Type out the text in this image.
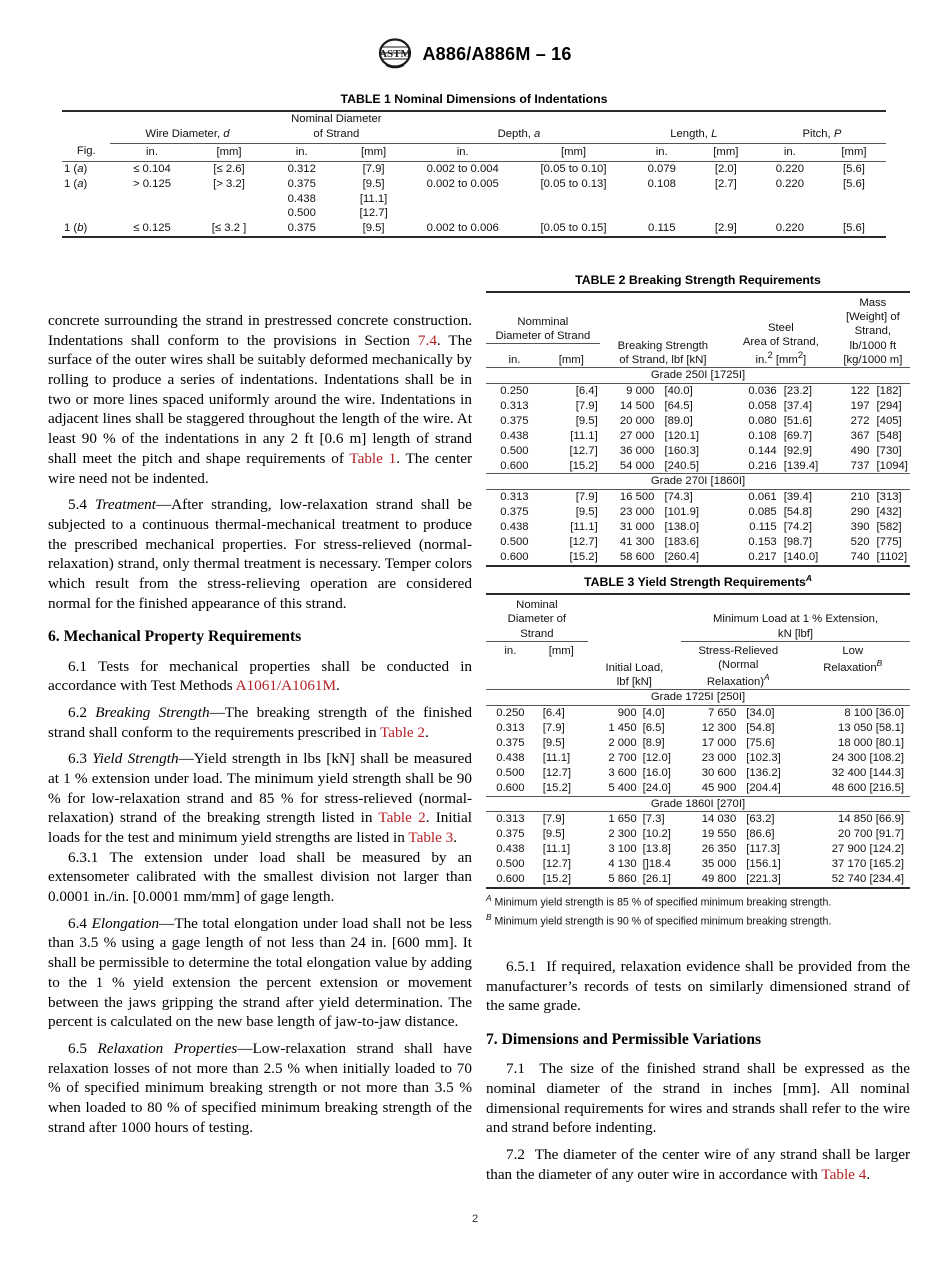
ASTM A886/A886M – 16
TABLE 1 Nominal Dimensions of Indentations
Fig.	Wire Diameter, d		Nominal Diameter
of Strand		Depth, a		Length, L		Pitch, P	
	in.	[mm]	in.	[mm]	in.	[mm]	in.	[mm]	in.	[mm]
1 (a)	≤ 0.104	[≤ 2.6]	0.312	[7.9]	0.002 to 0.004	[0.05 to 0.10]	0.079	[2.0]	0.220	[5.6]
1 (a)	> 0.125	[> 3.2]	0.375	[9.5]	0.002 to 0.005	[0.05 to 0.13]	0.108	[2.7]	0.220	[5.6]
			0.438	[11.1]						
			0.500	[12.7]						
1 (b)	≤ 0.125	[≤ 3.2 ]	0.375	[9.5]	0.002 to 0.006	[0.05 to 0.15]	0.115	[2.9]	0.220	[5.6]

concrete surrounding the strand in prestressed concrete construction. Indentations shall conform to the provisions in Section 7.4. The surface of the outer wires shall be suitably deformed mechanically by rolling to produce a series of indentations. Indentations shall be in two or more lines spaced uniformly around the wire. Indentations in adjacent lines shall be staggered throughout the length of the wire. At least 90 % of the indentations in any 2 ft [0.6 m] length of strand shall meet the pitch and shape requirements of Table 1. The center wire need not be indented.

5.4 Treatment—After stranding, low-relaxation strand shall be subjected to a continuous thermal-mechanical treatment to produce the prescribed mechanical properties. For stress-relieved (normal-relaxation) strand, only thermal treatment is necessary. Temper colors which result from the stress-relieving operation are considered normal for the finished appearance of this strand.

6. Mechanical Property Requirements

6.1 Tests for mechanical properties shall be conducted in accordance with Test Methods A1061/A1061M.

6.2 Breaking Strength—The breaking strength of the finished strand shall conform to the requirements prescribed in Table 2.

6.3 Yield Strength—Yield strength in lbs [kN] shall be measured at 1 % extension under load. The minimum yield strength shall be 90 % for low-relaxation strand and 85 % for stress-relieved (normal-relaxation) strand of the breaking strength listed in Table 2. Initial loads for the test and minimum yield strengths are listed in Table 3.

6.3.1 The extension under load shall be measured by an extensometer calibrated with the smallest division not larger than 0.0001 in./in. [0.0001 mm/mm] of gage length.

6.4 Elongation—The total elongation under load shall not be less than 3.5 % using a gage length of not less than 24 in. [600 mm]. It shall be permissible to determine the total elongation value by adding to the 1 % yield extension the percent extension or movement between the jaws gripping the strand after yield determination. The percent is calculated on the new base length of jaw-to-jaw distance.

6.5 Relaxation Properties—Low-relaxation strand shall have relaxation losses of not more than 2.5 % when initially loaded to 70 % of specified minimum breaking strength or not more than 3.5 % when loaded to 80 % of specified minimum breaking strength of the strand after 1000 hours of testing.

TABLE 2 Breaking Strength Requirements
Nomminal
Diameter of Strand		Breaking Strength
of Strand, lbf [kN]		Steel
Area of Strand,
in.$^2$ $[mm^2]$		Mass [Weight] of
Strand,
lb/1000 ft
[kg/1000 m]	
in.	[mm]						
Grade 250I [1725I]							
0.250	[6.4]	9 000	[40.0]	0.036	[23.2]	122	[182]
0.313	[7.9]	14 500	[64.5]	0.058	[37.4]	197	[294]
0.375	[9.5]	20 000	[89.0]	0.080	[51.6]	272	[405]
0.438	[11.1]	27 000	[120.1]	0.108	[69.7]	367	[548]
0.500	[12.7]	36 000	[160.3]	0.144	[92.9]	490	[730]
0.600	[15.2]	54 000	[240.5]	0.216	[139.4]	737	[1094]
Grade 270I [1860I]							
0.313	[7.9]	16 500	[74.3]	0.061	[39.4]	210	[313]
0.375	[9.5]	23 000	[101.9]	0.085	[54.8]	290	[432]
0.438	[11.1]	31 000	[138.0]	0.115	[74.2]	390	[582]
0.500	[12.7]	41 300	[183.6]	0.153	[98.7]	520	[775]
0.600	[15.2]	58 600	[260.4]	0.217	[140.0]	740	[1102]
TABLE 3 Yield Strength Requirements$^A$
Nominal
Diameter of
Strand		Initial Load,
lbf [kN]		Minimum Load at 1 % Extension,
kN [lbf]		
in.	[mm]			Stress-Relieved
(Normal
Relaxation)$^A$		Low
Relaxation$^B$
Grade 1725I [250I]						
0.250	[6.4]	900	[4.0]	7 650	[34.0]	8 100 [36.0]
0.313	[7.9]	1 450	[6.5]	12 300	[54.8]	13 050 [58.1]
0.375	[9.5]	2 000	[8.9]	17 000	[75.6]	18 000 [80.1]
0.438	[11.1]	2 700	[12.0]	23 000	[102.3]	24 300 [108.2]
0.500	[12.7]	3 600	[16.0]	30 600	[136.2]	32 400 [144.3]
0.600	[15.2]	5 400	[24.0]	45 900	[204.4]	48 600 [216.5]
Grade 1860I [270I]						
0.313	[7.9]	1 650	[7.3]	14 030	[63.2]	14 850 [66.9]
0.375	[9.5]	2 300	[10.2]	19 550	[86.6]	20 700 [91.7]
0.438	[11.1]	3 100	[13.8]	26 350	[117.3]	27 900 [124.2]
0.500	[12.7]	4 130	[]18.4	35 000	[156.1]	37 170 [165.2]
0.600	[15.2]	5 860	[26.1]	49 800	[221.3]	52 740 [234.4]
$^A$ Minimum yield strength is 85 % of specified minimum breaking strength.
$^B$ Minimum yield strength is 90 % of specified minimum breaking strength.

6.5.1 If required, relaxation evidence shall be provided from the manufacturer’s records of tests on similarly dimensioned strand of the same grade.

7. Dimensions and Permissible Variations

7.1 The size of the finished strand shall be expressed as the nominal diameter of the strand in inches [mm]. All nominal dimensional requirements for wires and strands shall refer to the wire and strand before indenting.

7.2 The diameter of the center wire of any strand shall be larger than the diameter of any outer wire in accordance with Table 4.

2
